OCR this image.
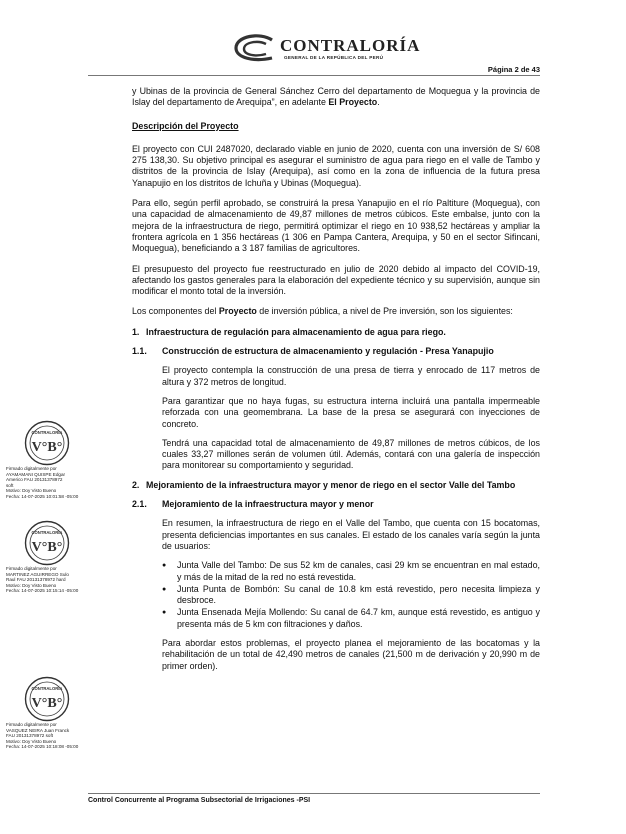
CONTRALORÍA
GENERAL DE LA REPÚBLICA DEL PERÚ
Página 2 de 43

y Ubinas de la provincia de General Sánchez Cerro del departamento de Moquegua y la provincia de Islay del departamento de Arequipa”, en adelante El Proyecto.

Descripción del Proyecto

El proyecto con CUI 2487020, declarado viable en junio de 2020, cuenta con una inversión de S/ 608 275 138,30. Su objetivo principal es asegurar el suministro de agua para riego en el valle de Tambo y distritos de la provincia de Islay (Arequipa), así como en la zona de influencia de la futura presa Yanapujio en los distritos de Ichuña y Ubinas (Moquegua).

Para ello, según perfil aprobado, se construirá la presa Yanapujio en el río Paltiture (Moquegua), con una capacidad de almacenamiento de 49,87 millones de metros cúbicos. Este embalse, junto con la mejora de la infraestructura de riego, permitirá optimizar el riego en 10 938,52 hectáreas y ampliar la frontera agrícola en 1 356 hectáreas (1 306 en Pampa Cantera, Arequipa, y 50 en el sector Sifincani, Moquegua), beneficiando a 3 187 familias de agricultores.

El presupuesto del proyecto fue reestructurado en julio de 2020 debido al impacto del COVID-19, afectando los gastos generales para la elaboración del expediente técnico y su supervisión, aunque sin modificar el monto total de la inversión.

Los componentes del Proyecto de inversión pública, a nivel de Pre inversión, son los siguientes:

1. Infraestructura de regulación para almacenamiento de agua para riego.
1.1. Construcción de estructura de almacenamiento y regulación - Presa Yanapujio

El proyecto contempla la construcción de una presa de tierra y enrocado de 117 metros de altura y 372 metros de longitud.

Para garantizar que no haya fugas, su estructura interna incluirá una pantalla impermeable reforzada con una geomembrana. La base de la presa se asegurará con inyecciones de concreto.

Tendrá una capacidad total de almacenamiento de 49,87 millones de metros cúbicos, de los cuales 33,27 millones serán de volumen útil. Además, contará con una galería de inspección para monitorear su comportamiento y seguridad.

2. Mejoramiento de la infraestructura mayor y menor de riego en el sector Valle del Tambo
2.1. Mejoramiento de la infraestructura mayor y menor

En resumen, la infraestructura de riego en el Valle del Tambo, que cuenta con 15 bocatomas, presenta deficiencias importantes en sus canales. El estado de los canales varía según la junta de usuarios:

● Junta Valle del Tambo: De sus 52 km de canales, casi 29 km se encuentran en mal estado, y más de la mitad de la red no está revestida.
● Junta Punta de Bombón: Su canal de 10.8 km está revestido, pero necesita limpieza y desbroce.
● Junta Ensenada Mejía Mollendo: Su canal de 64.7 km, aunque está revestido, es antiguo y presenta más de 5 km con filtraciones y daños.

Para abordar estos problemas, el proyecto planea el mejoramiento de las bocatomas y la rehabilitación de un total de 42,490 metros de canales (21,500 m de derivación y 20,990 m de primer orden).

CONTRALORÍA
V°B°
Firmado digitalmente por
AYAMAMANI QUISPE Edgar
Americo FAU 20131378972
soft
Motivo: Doy Visto Bueno
Fecha: 14-07-2025 10:01:58 -05:00
CONTRALORÍA
V°B°
Firmado digitalmente por
MARTINEZ AGUIRREGO Sulo
Raul FAU 20131378972 hard
Motivo: Doy Visto Bueno
Fecha: 14-07-2025 10:15:14 -05:00
CONTRALORÍA
V°B°
Firmado digitalmente por
VASQUEZ NEIRA Juan Franck
FAU 20131378972 soft
Motivo: Doy Visto Bueno
Fecha: 14-07-2025 10:18:08 -05:00
Control Concurrente al Programa Subsectorial de Irrigaciones -PSI
